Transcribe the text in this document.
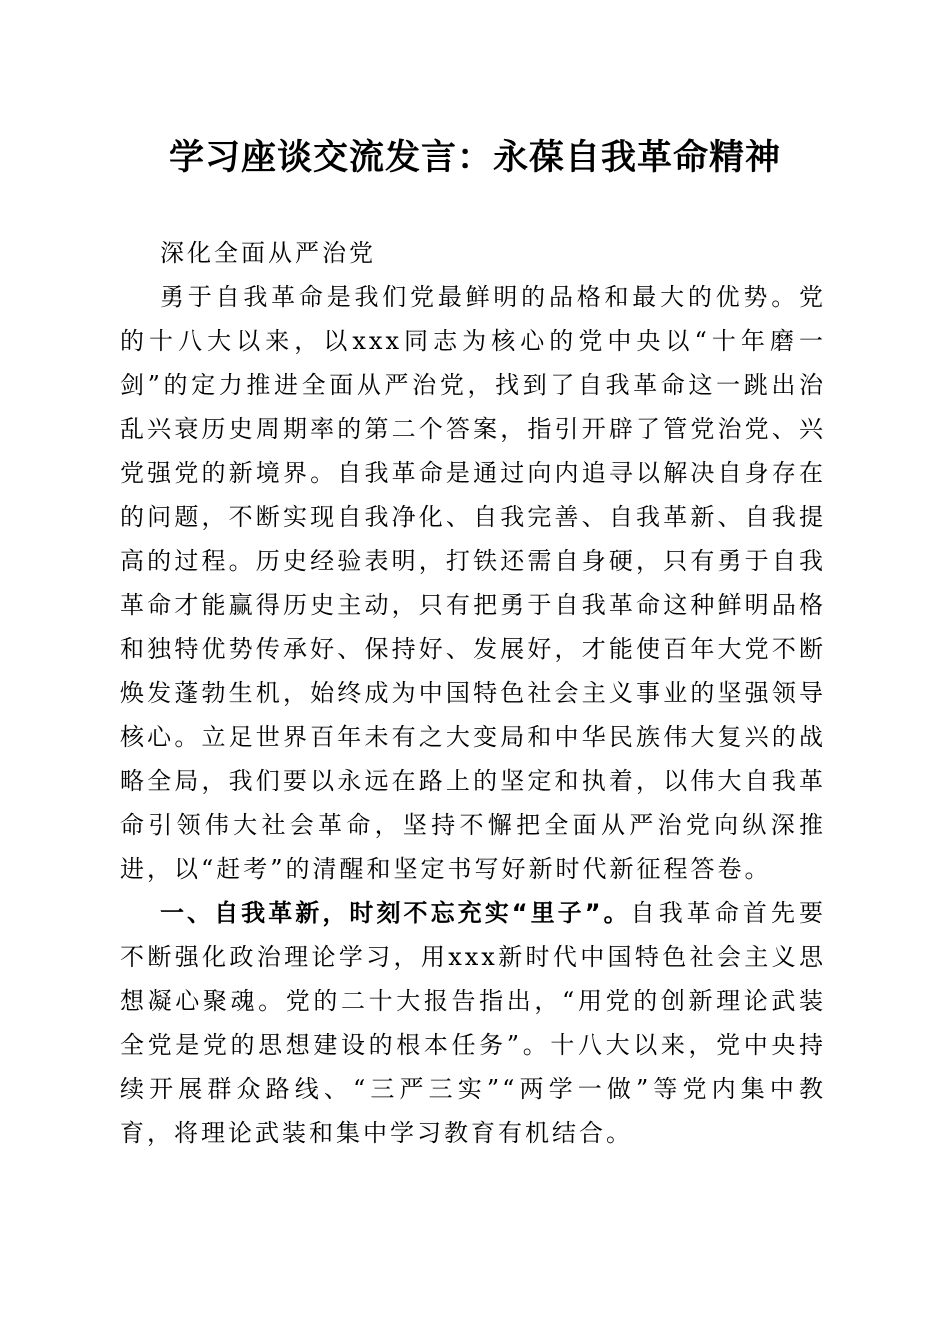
学习座谈交流发言：永葆自我革命精神

深化全面从严治党

勇于自我革命是我们党最鲜明的品格和最大的优势。党的十八大以来，以xxx同志为核心的党中央以“十年磨一剑”的定力推进全面从严治党，找到了自我革命这一跳出治乱兴衰历史周期率的第二个答案，指引开辟了管党治党、兴党强党的新境界。自我革命是通过向内追寻以解决自身存在的问题，不断实现自我净化、自我完善、自我革新、自我提高的过程。历史经验表明，打铁还需自身硬，只有勇于自我革命才能赢得历史主动，只有把勇于自我革命这种鲜明品格和独特优势传承好、保持好、发展好，才能使百年大党不断焕发蓬勃生机，始终成为中国特色社会主义事业的坚强领导核心。立足世界百年未有之大变局和中华民族伟大复兴的战略全局，我们要以永远在路上的坚定和执着，以伟大自我革命引领伟大社会革命，坚持不懈把全面从严治党向纵深推进，以“赶考”的清醒和坚定书写好新时代新征程答卷。

一、自我革新，时刻不忘充实“里子”。自我革命首先要不断强化政治理论学习，用xxx新时代中国特色社会主义思想凝心聚魂。党的二十大报告指出，“用党的创新理论武装全党是党的思想建设的根本任务”。十八大以来，党中央持续开展群众路线、“三严三实”“两学一做”等党内集中教育，将理论武装和集中学习教育有机结合。
